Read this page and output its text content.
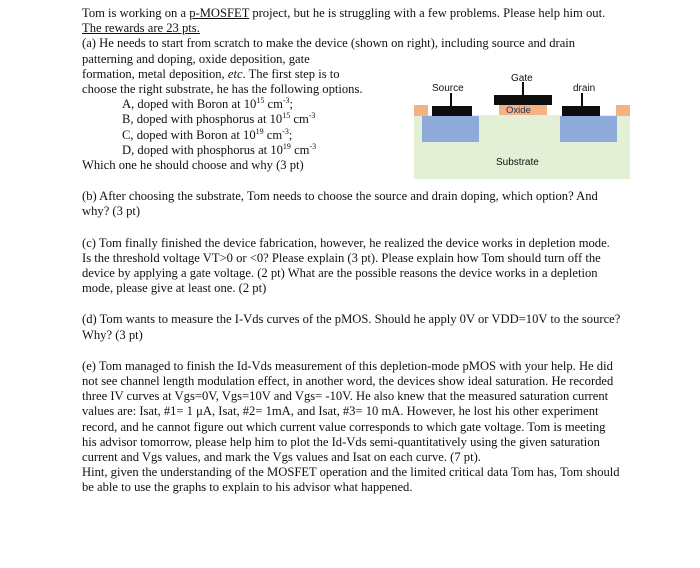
Tom is working on a p-MOSFET project, but he is struggling with a few problems. Please help him out. The rewards are 23 pts.

(a) He needs to start from scratch to make the device (shown on right), including source and drain patterning and doping, oxide deposition, gate

formation, metal deposition, etc. The first step is to

choose the right substrate, he has the following options.

A, doped with Boron at $10^{15}$ $cm^{-3}$;

B, doped with phosphorus at $10^{15}$ $cm^{-3}$

C, doped with Boron at $10^{19}$ $cm^{-3}$;

D, doped with phosphorus at $10^{19}$ $cm^{-3}$

Which one he should choose and why (3 pt)

(b) After choosing the substrate, Tom needs to choose the source and drain doping, which option? And why? (3 pt)

(c) Tom finally finished the device fabrication, however, he realized the device works in depletion mode. Is the threshold voltage VT>0 or <0? Please explain (3 pt). Please explain how Tom should turn off the device by applying a gate voltage. (2 pt) What are the possible reasons the device works in a depletion mode, please give at least one. (2 pt)

(d) Tom wants to measure the I-Vds curves of the pMOS. Should he apply 0V or VDD=10V to the source? Why? (3 pt)

(e) Tom managed to finish the Id-Vds measurement of this depletion-mode pMOS with your help. He did not see channel length modulation effect, in another word, the devices show ideal saturation. He recorded three IV curves at Vgs=0V, Vgs=10V and Vgs= -10V. He also knew that the measured saturation current values are: Isat, #1= 1 μA, Isat, #2= 1mA, and Isat, #3= 10 mA. However, he lost his other experiment record, and he cannot figure out which current value corresponds to which gate voltage. Tom is meeting his advisor tomorrow, please help him to plot the Id-Vds semi-quantitatively using the given saturation current and Vgs values, and mark the Vgs values and Isat on each curve. (7 pt).

Hint, given the understanding of the MOSFET operation and the limited critical data Tom has, Tom should be able to use the graphs to explain to his advisor what happened.

Source
Gate
drain
Oxide
Substrate
